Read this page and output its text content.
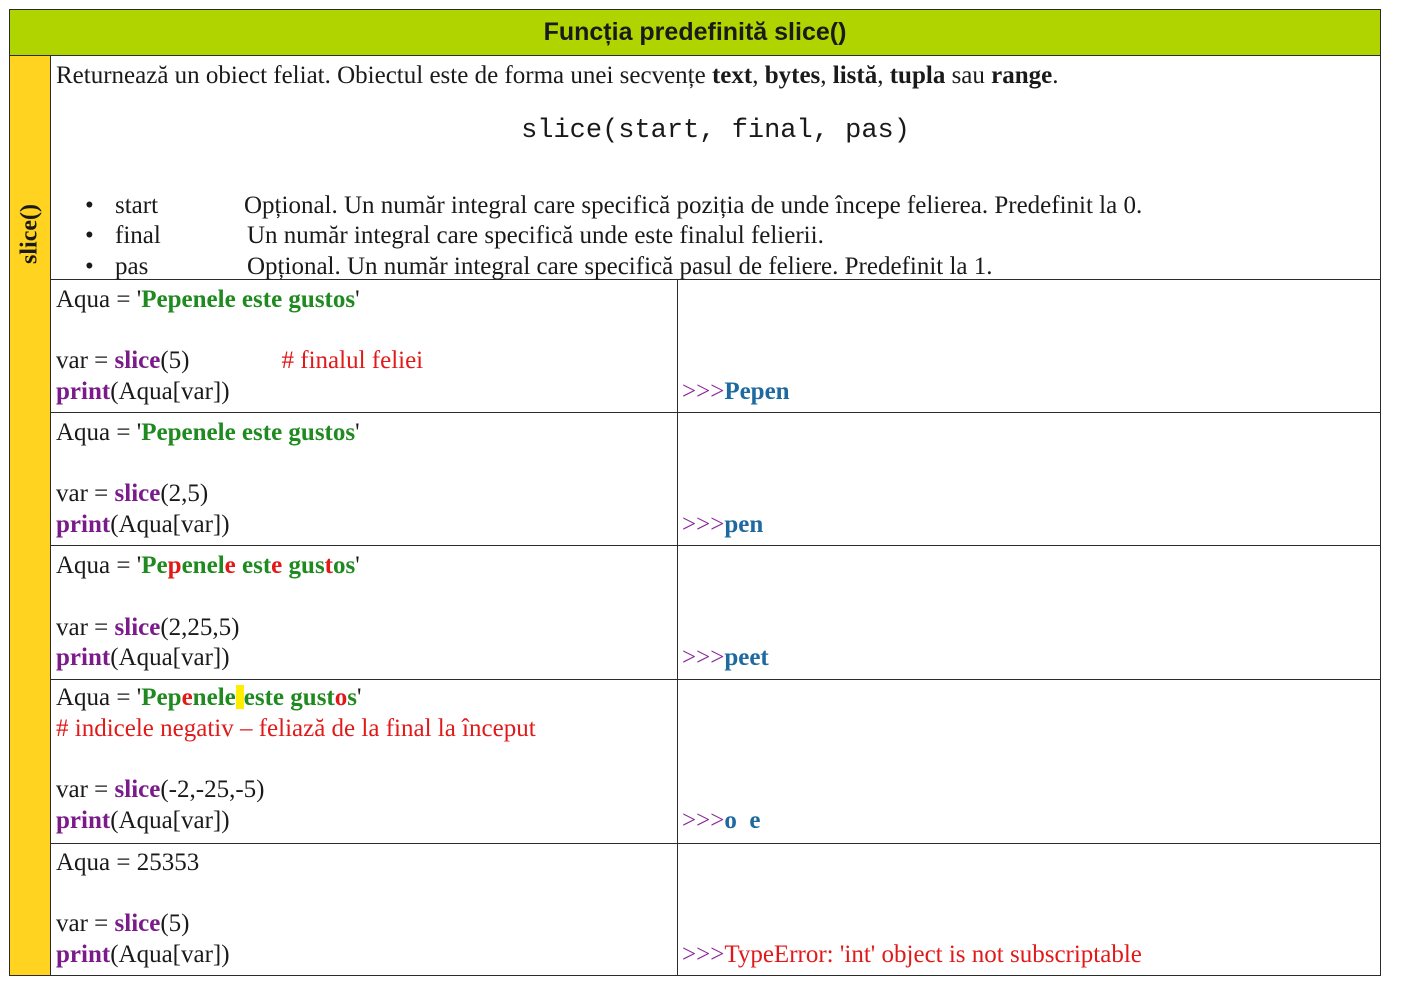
Funcția predefinită slice()
slice()
Returnează un obiect feliat. Obiectul este de forma unei secvențe text, bytes, listă, tupla sau range.
slice(start, final, pas)
• start	Opțional. Un număr integral care specifică poziția de unde începe felierea. Predefinit la 0.
• final	Un număr integral care specifică unde este finalul felierii.
• pas	Opțional. Un număr integral care specifică pasul de feliere. Predefinit la 1.
Aqua = 'Pepenele este gustos'
var = slice(5)	# finalul feliei
print(Aqua[var])	>>>Pepen
Aqua = 'Pepenele este gustos'
var = slice(2,5)
print(Aqua[var])	>>>pen
Aqua = 'Pepenele este gustos'
var = slice(2,25,5)
print(Aqua[var])	>>>peet
Aqua = 'Pepenele este gustos'
# indicele negativ – feliază de la final la început
var = slice(-2,-25,-5)
print(Aqua[var])	>>>o  e
Aqua = 25353
var = slice(5)
print(Aqua[var])	>>>TypeError: 'int' object is not subscriptable
